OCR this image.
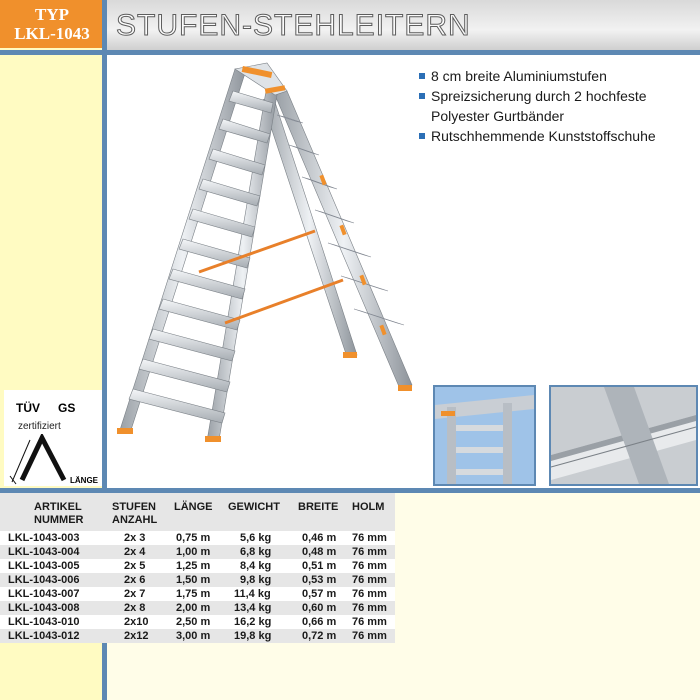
TYP
LKL-1043 STUFEN-STEHLEITERN
8 cm breite Aluminiumstufen
Spreizsicherung durch 2 hochfeste Polyester Gurtbänder
Rutschhemmende Kunststoffschuhe
TÜV GS
zertifiziert
LÄNGE
ARTIKEL
NUMMER
STUFEN
ANZAHL
LÄNGE GEWICHT BREITE HOLM
LKL-1043-003	2x 3	0,75 m	5,6 kg	0,46 m 76 mm
LKL-1043-004	2x 4	1,00 m	6,8 kg	0,48 m 76 mm
LKL-1043-005	2x 5	1,25 m	8,4 kg	0,51 m 76 mm
LKL-1043-006	2x 6	1,50 m	9,8 kg	0,53 m 76 mm
LKL-1043-007	2x 7	1,75 m 11,4 kg	0,57 m 76 mm
LKL-1043-008	2x 8	2,00 m 13,4 kg	0,60 m 76 mm
LKL-1043-010	2x10	2,50 m 16,2 kg	0,66 m 76 mm
LKL-1043-012	2x12	3,00 m 19,8 kg	0,72 m 76 mm
